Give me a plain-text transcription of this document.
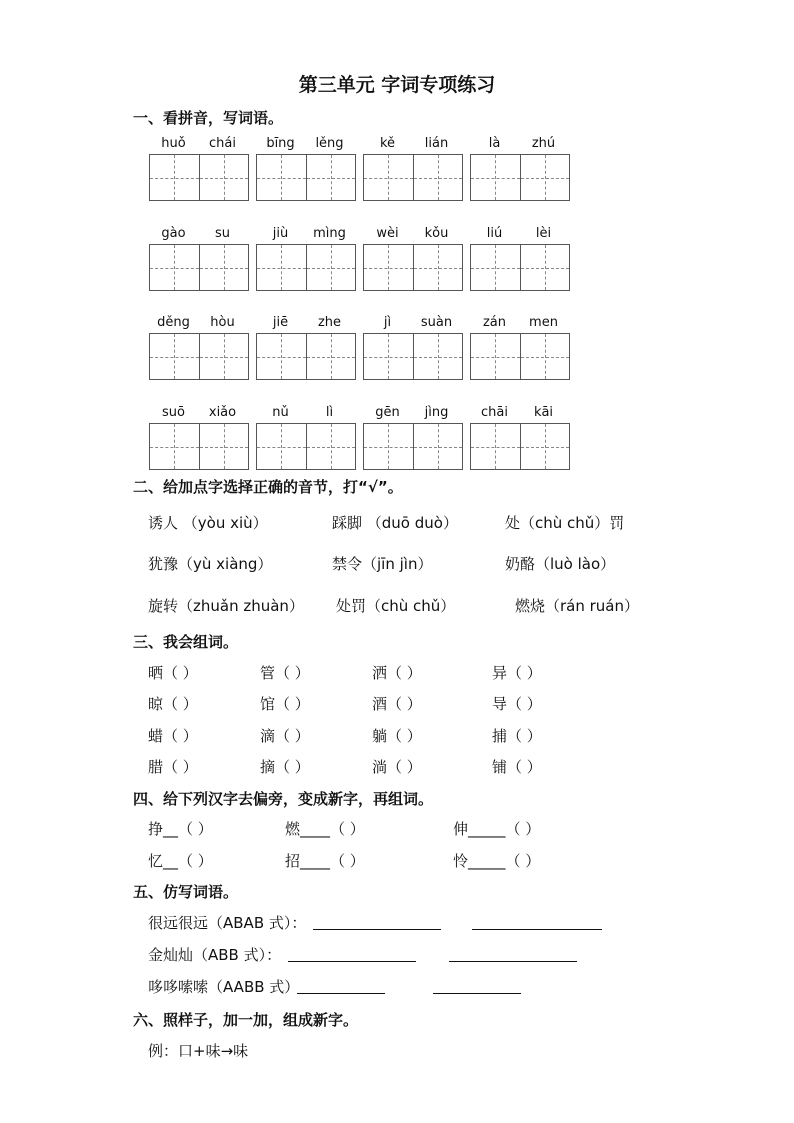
第三单元 字词专项练习
一、看拼音，写词语。
huǒ	chái	bīng	lěng	kě	lián	là	zhú
gào	su	jiù	mìng	wèi	kǒu	liú	lèi
děng	hòu	jiē	zhe	jì	suàn	zán	men
suō	xiǎo	nǔ	lì	gēn	jìng	chāi	kāi
二、给加点字选择正确的音节，打“√”。
诱人 （yòu xiù）	踩脚 （duō duò）	处（chù chǔ）罚
犹豫（yù xiàng）	禁令（jīn jìn）	奶酪（luò lào）
旋转（zhuǎn zhuàn） 处罚（chù chǔ）	燃烧（rán ruán）
三、我会组词。
晒（ ）	管（ ）	洒（ ）	异（ ）
晾（ ）	馆（ ）	酒（ ）	导（ ）
蜡（ ）	滴（ ）	躺（ ）	捕（ ）
腊（ ）	摘（ ）	淌（ ）	铺（ ）
四、给下列汉字去偏旁，变成新字，再组词。
挣__（ ）	燃____（ ）	伸_____（ ）
忆__（ ）	招____（ ）	怜_____（ ）
五、仿写词语。
很远很远（ABAB 式）：
金灿灿（ABB 式）：
哆哆嗦嗦（AABB 式）
六、照样子，加一加，组成新字。
例：口+味→味
